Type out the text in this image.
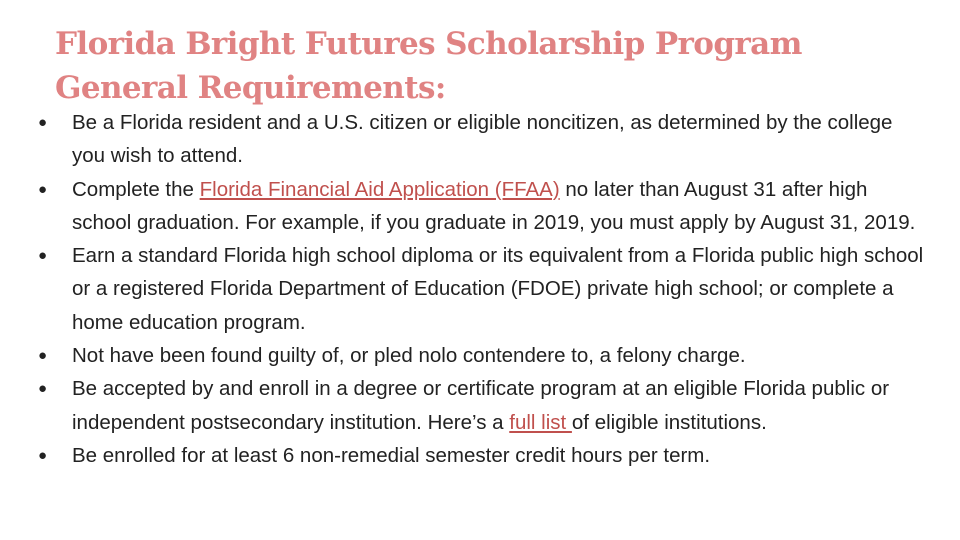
Florida Bright Futures Scholarship Program
General Requirements:
● Be a Florida resident and a U.S. citizen or eligible noncitizen, as determined by the college you wish to attend.
● Complete the Florida Financial Aid Application (FFAA) no later than August 31 after high school graduation. For example, if you graduate in 2019, you must apply by August 31, 2019.
● Earn a standard Florida high school diploma or its equivalent from a Florida public high school or a registered Florida Department of Education (FDOE) private high school; or complete a home education program.
● Not have been found guilty of, or pled nolo contendere to, a felony charge.
● Be accepted by and enroll in a degree or certificate program at an eligible Florida public or independent postsecondary institution. Here’s a full list of eligible institutions.
● Be enrolled for at least 6 non-remedial semester credit hours per term.
